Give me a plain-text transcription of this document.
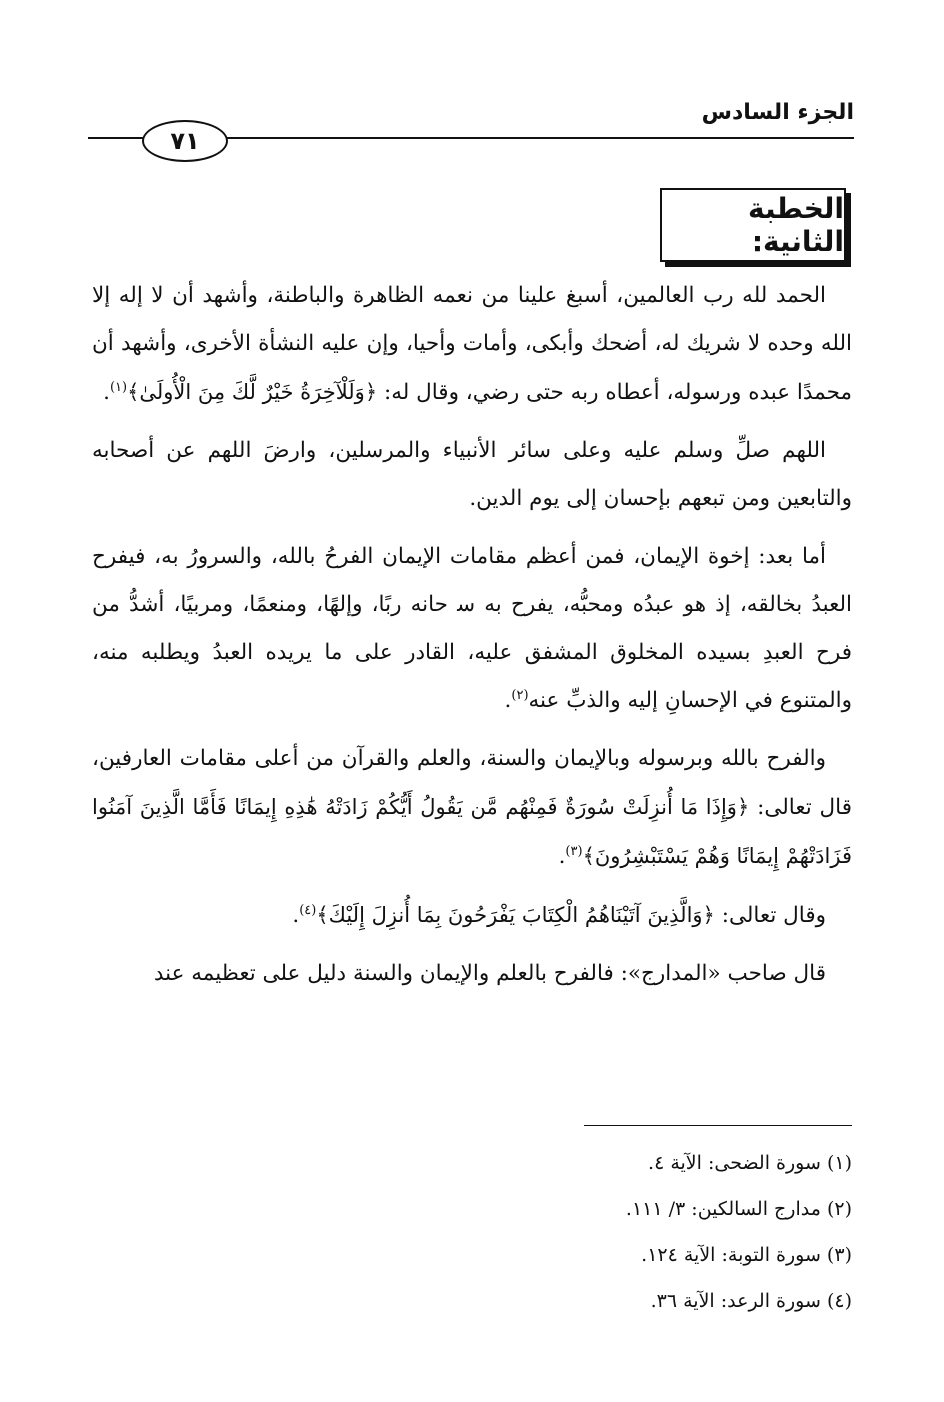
الجزء السادس
٧١
الخطبة الثانية:

الحمد لله رب العالمين، أسبغ علينا من نعمه الظاهرة والباطنة، وأشهد أن لا إله إلا الله وحده لا شريك له، أضحك وأبكى، وأمات وأحيا، وإن عليه النشأة الأخرى، وأشهد أن محمدًا عبده ورسوله، أعطاه ربه حتى رضي، وقال له: ﴿وَلَلْآخِرَةُ خَيْرٌ لَّكَ مِنَ الْأُولَىٰ﴾$^{(١)}$.

اللهم صلِّ وسلم عليه وعلى سائر الأنبياء والمرسلين، وارضَ اللهم عن أصحابه والتابعين ومن تبعهم بإحسان إلى يوم الدين.

أما بعد: إخوة الإيمان، فمن أعظم مقامات الإيمان الفرحُ بالله، والسرورُ به، فيفرح العبدُ بخالقه، إذ هو عبدُه ومحبُّه، يفرح به ﺳ حانه ربًا، وإلهًا، ومنعمًا، ومربيًا، أشدُّ من فرح العبدِ بسيده المخلوق المشفق عليه، القادر على ما يريده العبدُ ويطلبه منه، والمتنوع في الإحسانِ إليه والذبِّ عنه$^{(٢)}$.

والفرح بالله وبرسوله وبالإيمان والسنة، والعلم والقرآن من أعلى مقامات العارفين، قال تعالى: ﴿وَإِذَا مَا أُنزِلَتْ سُورَةٌ فَمِنْهُم مَّن يَقُولُ أَيُّكُمْ زَادَتْهُ هَٰذِهِ إِيمَانًا فَأَمَّا الَّذِينَ آمَنُوا فَزَادَتْهُمْ إِيمَانًا وَهُمْ يَسْتَبْشِرُونَ﴾$^{(٣)}$.

وقال تعالى: ﴿وَالَّذِينَ آتَيْنَاهُمُ الْكِتَابَ يَفْرَحُونَ بِمَا أُنزِلَ إِلَيْكَ﴾$^{(٤)}$.

قال صاحب «المدارج»: فالفرح بالعلم والإيمان والسنة دليل على تعظيمه عند

(١) سورة الضحى: الآية ٤.
(٢) مدارج السالكين: ٣/ ١١١.
(٣) سورة التوبة: الآية ١٢٤.
(٤) سورة الرعد: الآية ٣٦.
